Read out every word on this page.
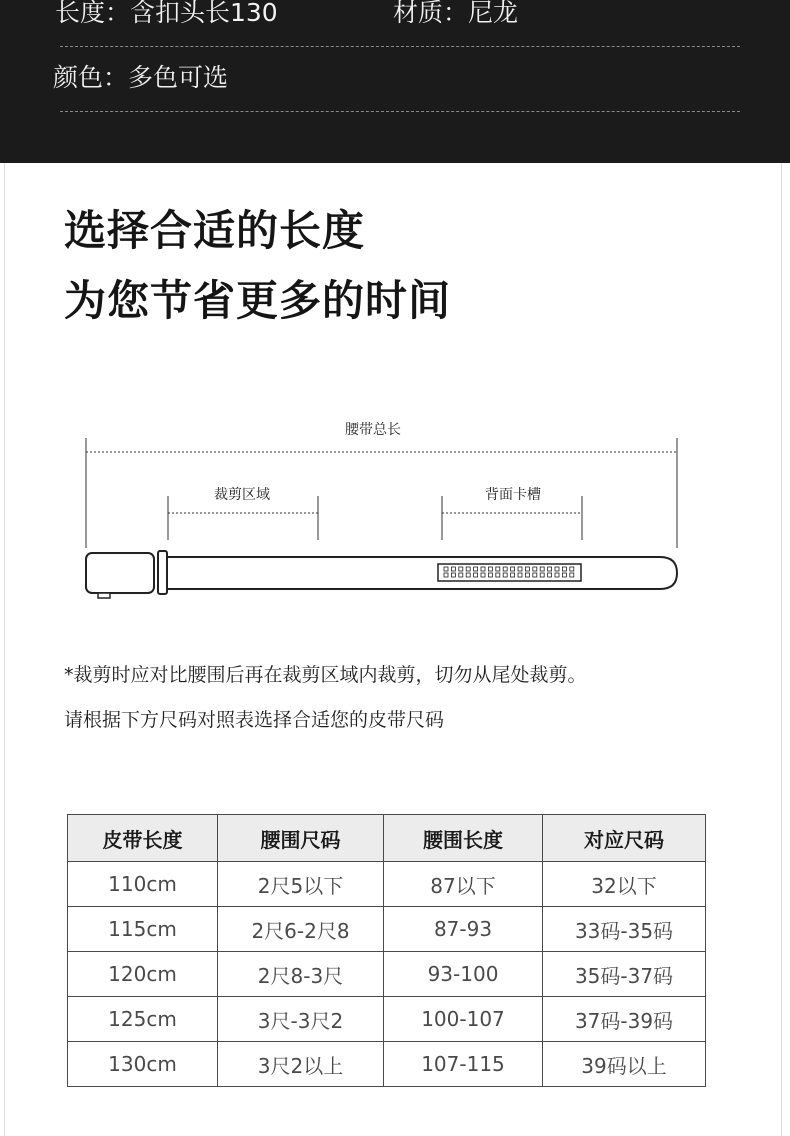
长度：含扣头长130	材质：尼龙
颜色：多色可选
选择合适的长度
为您节省更多的时间
腰带总长
裁剪区域	背面卡槽
*裁剪时应对比腰围后再在裁剪区域内裁剪，切勿从尾处裁剪。
请根据下方尺码对照表选择合适您的皮带尺码
皮带长度	腰围尺码	腰围长度	对应尺码
110cm	2尺5以下	87以下	32以下
115cm	2尺6-2尺8	87-93	33码-35码
120cm	2尺8-3尺	93-100	35码-37码
125cm	3尺-3尺2	100-107	37码-39码
130cm	3尺2以上	107-115	39码以上
